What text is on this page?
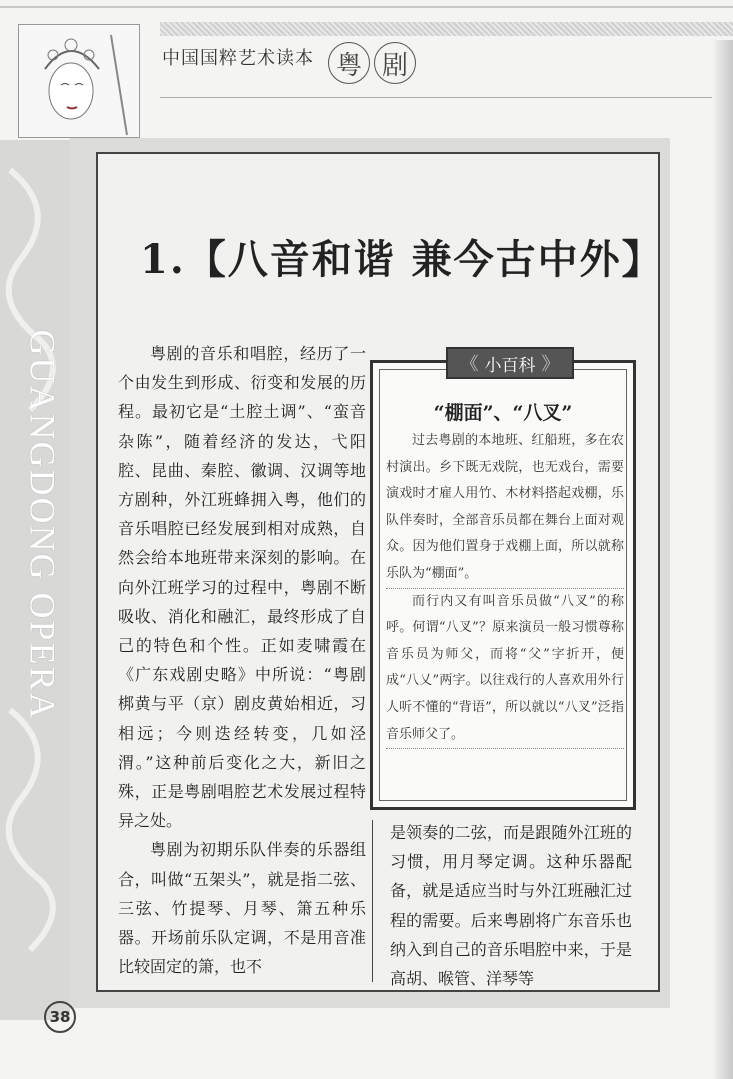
中国国粹艺术读本 粤 剧
GUANGDONG OPERA
1.【八音和谐 兼今古中外】

粤剧的音乐和唱腔，经历了一个由发生到形成、衍变和发展的历程。最初它是“土腔土调”、“蛮音杂陈”，随着经济的发达，弋阳腔、昆曲、秦腔、徽调、汉调等地方剧种，外江班蜂拥入粤，他们的音乐唱腔已经发展到相对成熟，自然会给本地班带来深刻的影响。在向外江班学习的过程中，粤剧不断吸收、消化和融汇，最终形成了自己的特色和个性。正如麦啸霞在《广东戏剧史略》中所说：“粤剧梆黄与平（京）剧皮黄始相近，习相远；今则迭经转变，几如泾渭。”这种前后变化之大，新旧之殊，正是粤剧唱腔艺术发展过程特异之处。

粤剧为初期乐队伴奏的乐器组合，叫做“五架头”，就是指二弦、三弦、竹提琴、月琴、箫五种乐器。开场前乐队定调，不是用音准比较固定的箫，也不

《 小百科 》
“棚面”、“八叉”

过去粤剧的本地班、红船班，多在农村演出。乡下既无戏院，也无戏台，需要演戏时才雇人用竹、木材料搭起戏棚，乐队伴奏时，全部音乐员都在舞台上面对观众。因为他们置身于戏棚上面，所以就称乐队为“棚面”。

而行内又有叫音乐员做“八叉”的称呼。何谓“八叉”？原来演员一般习惯尊称音乐员为师父，而将“父”字折开，便成“八乂”两字。以往戏行的人喜欢用外行人听不懂的“背语”，所以就以“八叉”泛指音乐师父了。

是领奏的二弦，而是跟随外江班的习惯，用月琴定调。这种乐器配备，就是适应当时与外江班融汇过程的需要。后来粤剧将广东音乐也纳入到自己的音乐唱腔中来，于是高胡、喉管、洋琴等

38
